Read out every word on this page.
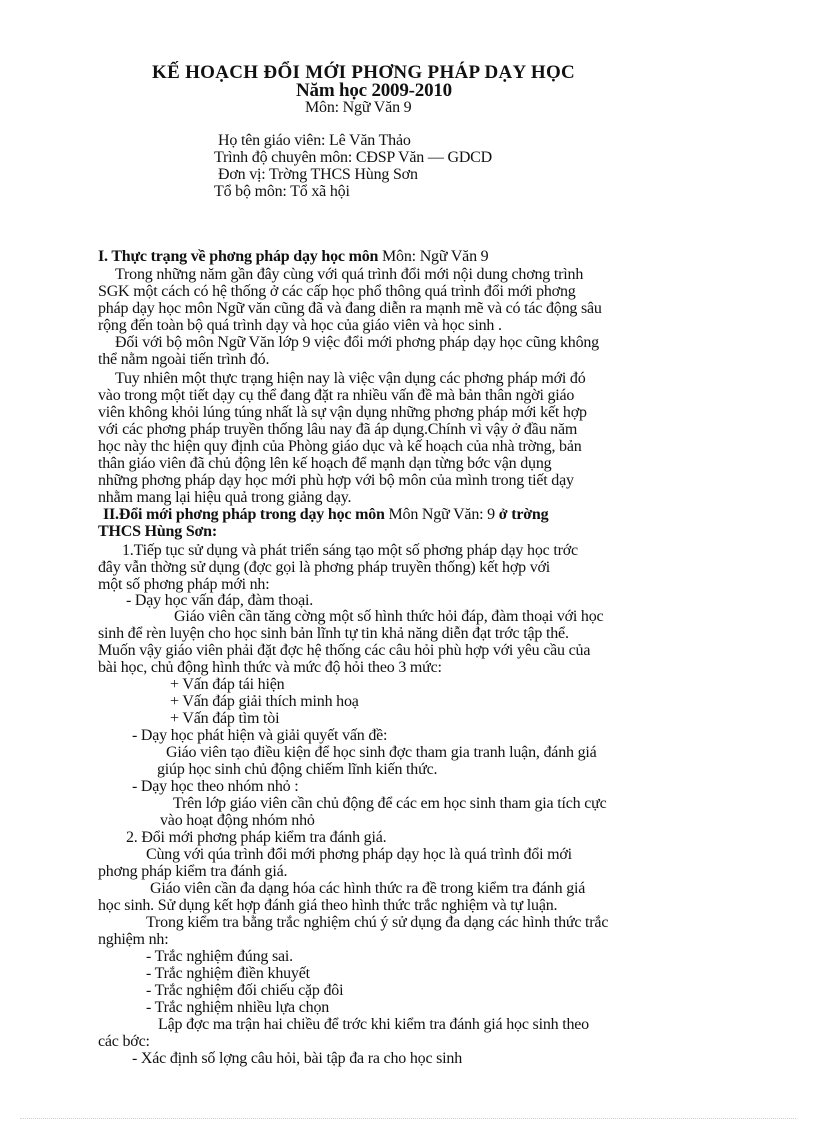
KẾ HOẠCH ĐỔI MỚI PHƠNG PHÁP DẠY HỌC
Năm học 2009-2010
Môn: Ngữ Văn 9
Họ tên giáo viên: Lê Văn Thảo
Trình độ chuyên môn: CĐSP Văn — GDCD
Đơn vị: Trờng THCS Hùng Sơn
Tổ bộ môn: Tổ xã hội
I. Thực trạng về phơng pháp dạy học môn Môn: Ngữ Văn 9
Trong những năm gần đây cùng với quá trình đổi mới nội dung chơng trình
SGK một cách có hệ thống ở các cấp học phổ thông quá trình đổi mới phơng
pháp dạy học môn Ngữ văn cũng đã và đang diễn ra mạnh mẽ và có tác động sâu
rộng đến toàn bộ quá trình dạy và học của giáo viên và học sinh .
Đối với bộ môn Ngữ Văn lớp 9 việc đổi mới phơng pháp dạy học cũng không
thể nằm ngoài tiến trình đó.
Tuy nhiên một thực trạng hiện nay là việc vận dụng các phơng pháp mới đó
vào trong một tiết dạy cụ thể đang đặt ra nhiều vấn đề mà bản thân ngời giáo
viên không khỏi lúng túng nhất là sự vận dụng những phơng pháp mới kết hợp
với các phơng pháp truyền thống lâu nay đã áp dụng.Chính vì vậy ở đầu năm
học này thc hiện quy định của Phòng giáo dục và kế hoạch của nhà trờng, bản
thân giáo viên đã chủ động lên kế hoạch để mạnh dạn từng bớc vận dụng
những phơng pháp dạy học mới phù hợp với bộ môn của mình trong tiết dạy
nhằm mang lại hiệu quả trong giảng dạy.
II.Đổi mới phơng pháp trong dạy học môn Môn Ngữ Văn: 9 ở trờng
THCS Hùng Sơn:
1.Tiếp tục sử dụng và phát triển sáng tạo một số phơng pháp dạy học trớc
đây vẫn thờng sử dụng (đợc gọi là phơng pháp truyền thống) kết hợp với
một số phơng pháp mới nh:
- Dạy học vấn đáp, đàm thoại.
Giáo viên cần tăng cờng một số hình thức hỏi đáp, đàm thoại với học
sinh để rèn luyện cho học sinh bản lĩnh tự tin khả năng diễn đạt trớc tập thể.
Muốn vậy giáo viên phải đặt đợc hệ thống các câu hỏi phù hợp với yêu cầu của
bài học, chủ động hình thức và mức độ hỏi theo 3 mức:
+ Vấn đáp tái hiện
+ Vấn đáp giải thích minh hoạ
+ Vấn đáp tìm tòi
- Dạy học phát hiện và giải quyết vấn đề:
Giáo viên tạo điều kiện để học sinh đợc tham gia tranh luận, đánh giá
giúp học sinh chủ động chiếm lĩnh kiến thức.
- Dạy học theo nhóm nhỏ :
Trên lớp giáo viên cần chủ động để các em học sinh tham gia tích cực
vào hoạt động nhóm nhỏ
2. Đổi mới phơng pháp kiểm tra đánh giá.
Cùng với qúa trình đổi mới phơng pháp dạy học là quá trình đổi mới
phơng pháp kiểm tra đánh giá.
Giáo viên cần đa dạng hóa các hình thức ra đề trong kiểm tra đánh giá
học sinh. Sử dụng kết hợp đánh giá theo hình thức trắc nghiệm và tự luận.
Trong kiểm tra bằng trắc nghiệm chú ý sử dụng đa dạng các hình thức trắc
nghiệm nh:
- Trắc nghiệm đúng sai.
- Trắc nghiệm điền khuyết
- Trắc nghiệm đối chiếu cặp đôi
- Trắc nghiệm nhiều lựa chọn
Lập đợc ma trận hai chiều để trớc khi kiểm tra đánh giá học sinh theo
các bớc:
- Xác định số lợng câu hỏi, bài tập đa ra cho học sinh
